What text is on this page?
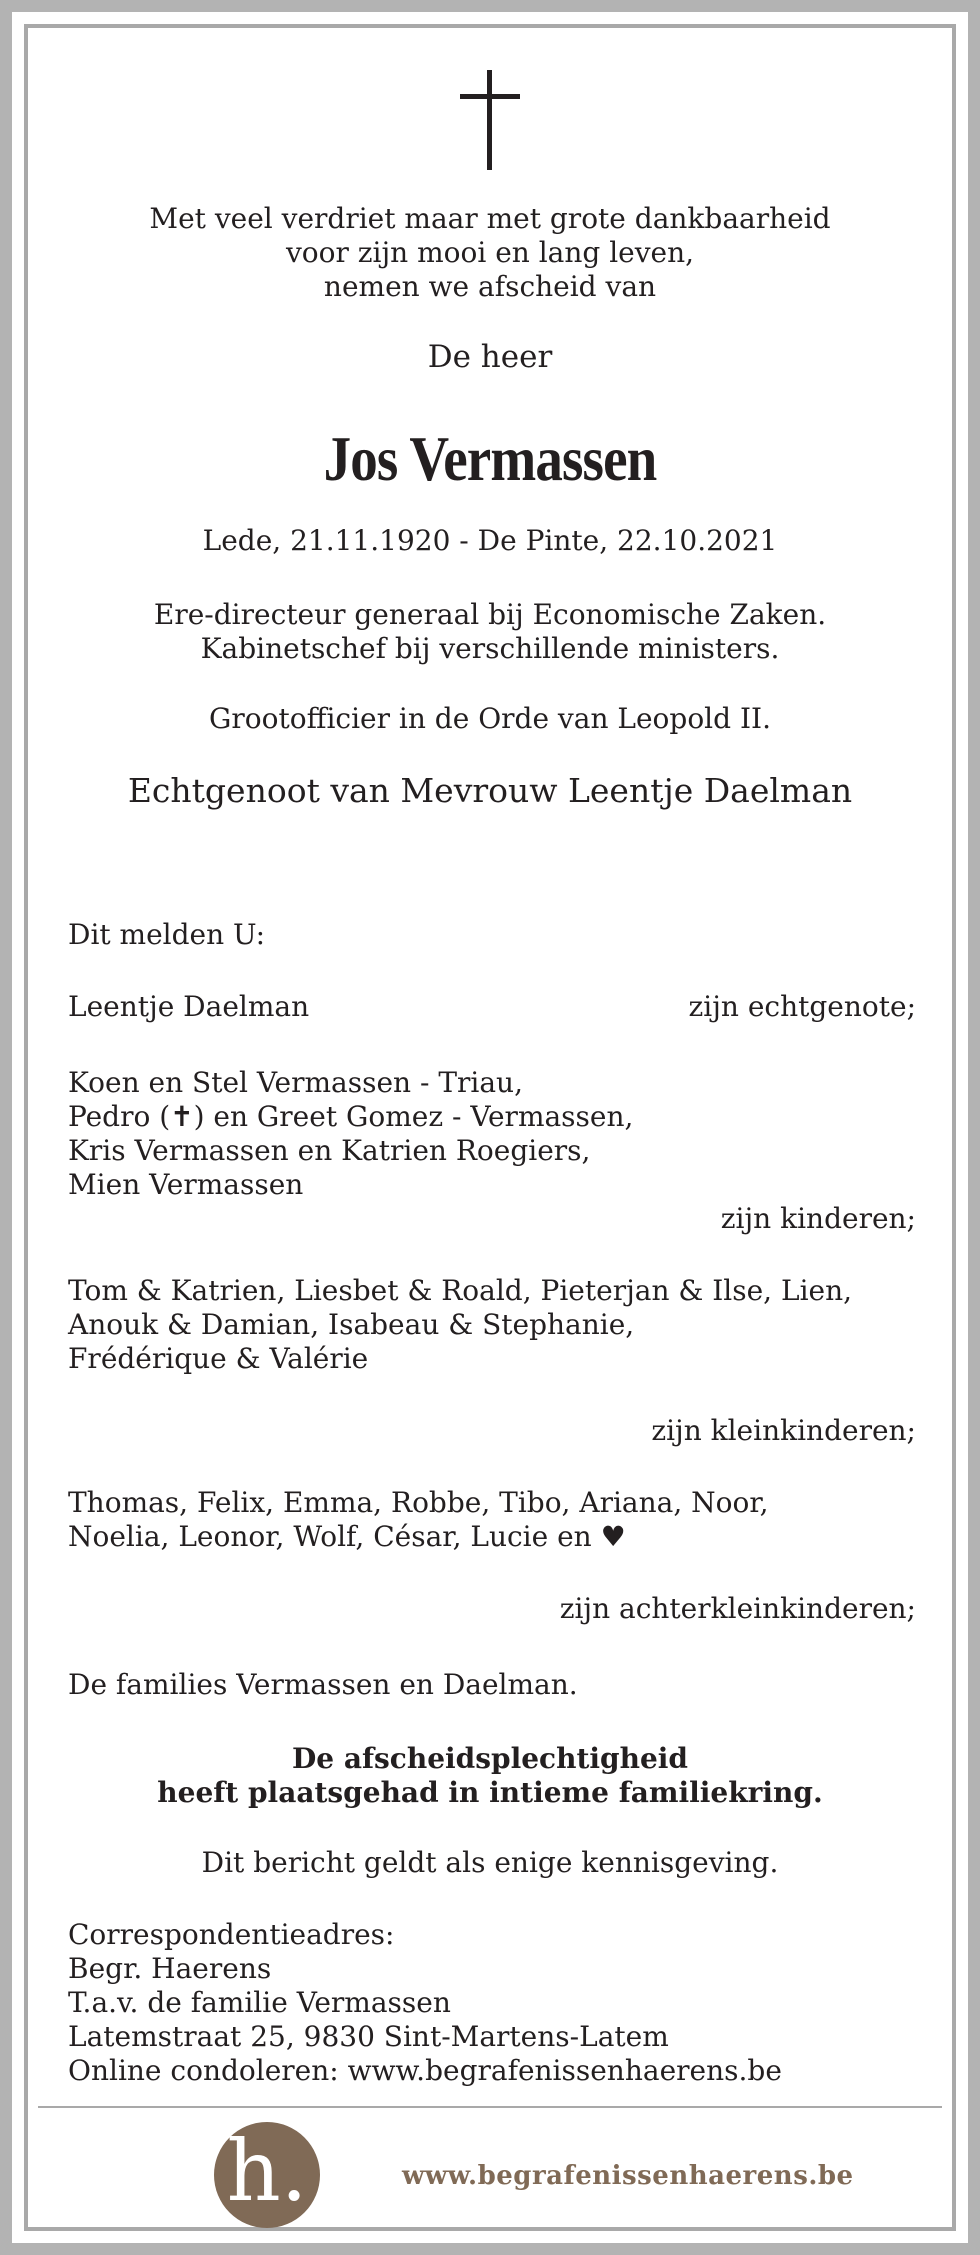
Met veel verdriet maar met grote dankbaarheid
voor zijn mooi en lang leven,
nemen we afscheid van
De heer
Jos Vermassen
Lede, 21.11.1920 - De Pinte, 22.10.2021
Ere-directeur generaal bij Economische Zaken.
Kabinetschef bij verschillende ministers.
Grootofficier in de Orde van Leopold II.
Echtgenoot van Mevrouw Leentje Daelman
Dit melden U:
Leentje Daelman	zijn echtgenote;
Koen en Stel Vermassen - Triau,
Pedro (✝) en Greet Gomez - Vermassen,
Kris Vermassen en Katrien Roegiers,
Mien Vermassen
zijn kinderen;
Tom & Katrien, Liesbet & Roald, Pieterjan & Ilse, Lien,
Anouk & Damian, Isabeau & Stephanie,
Frédérique & Valérie
zijn kleinkinderen;
Thomas, Felix, Emma, Robbe, Tibo, Ariana, Noor,
Noelia, Leonor, Wolf, César, Lucie en ♥
zijn achterkleinkinderen;
De families Vermassen en Daelman.
De afscheidsplechtigheid
heeft plaatsgehad in intieme familiekring.
Dit bericht geldt als enige kennisgeving.
Correspondentieadres:
Begr. Haerens
T.a.v. de familie Vermassen
Latemstraat 25, 9830 Sint-Martens-Latem
Online condoleren: www.begrafenissenhaerens.be
h.	www.begrafenissenhaerens.be
